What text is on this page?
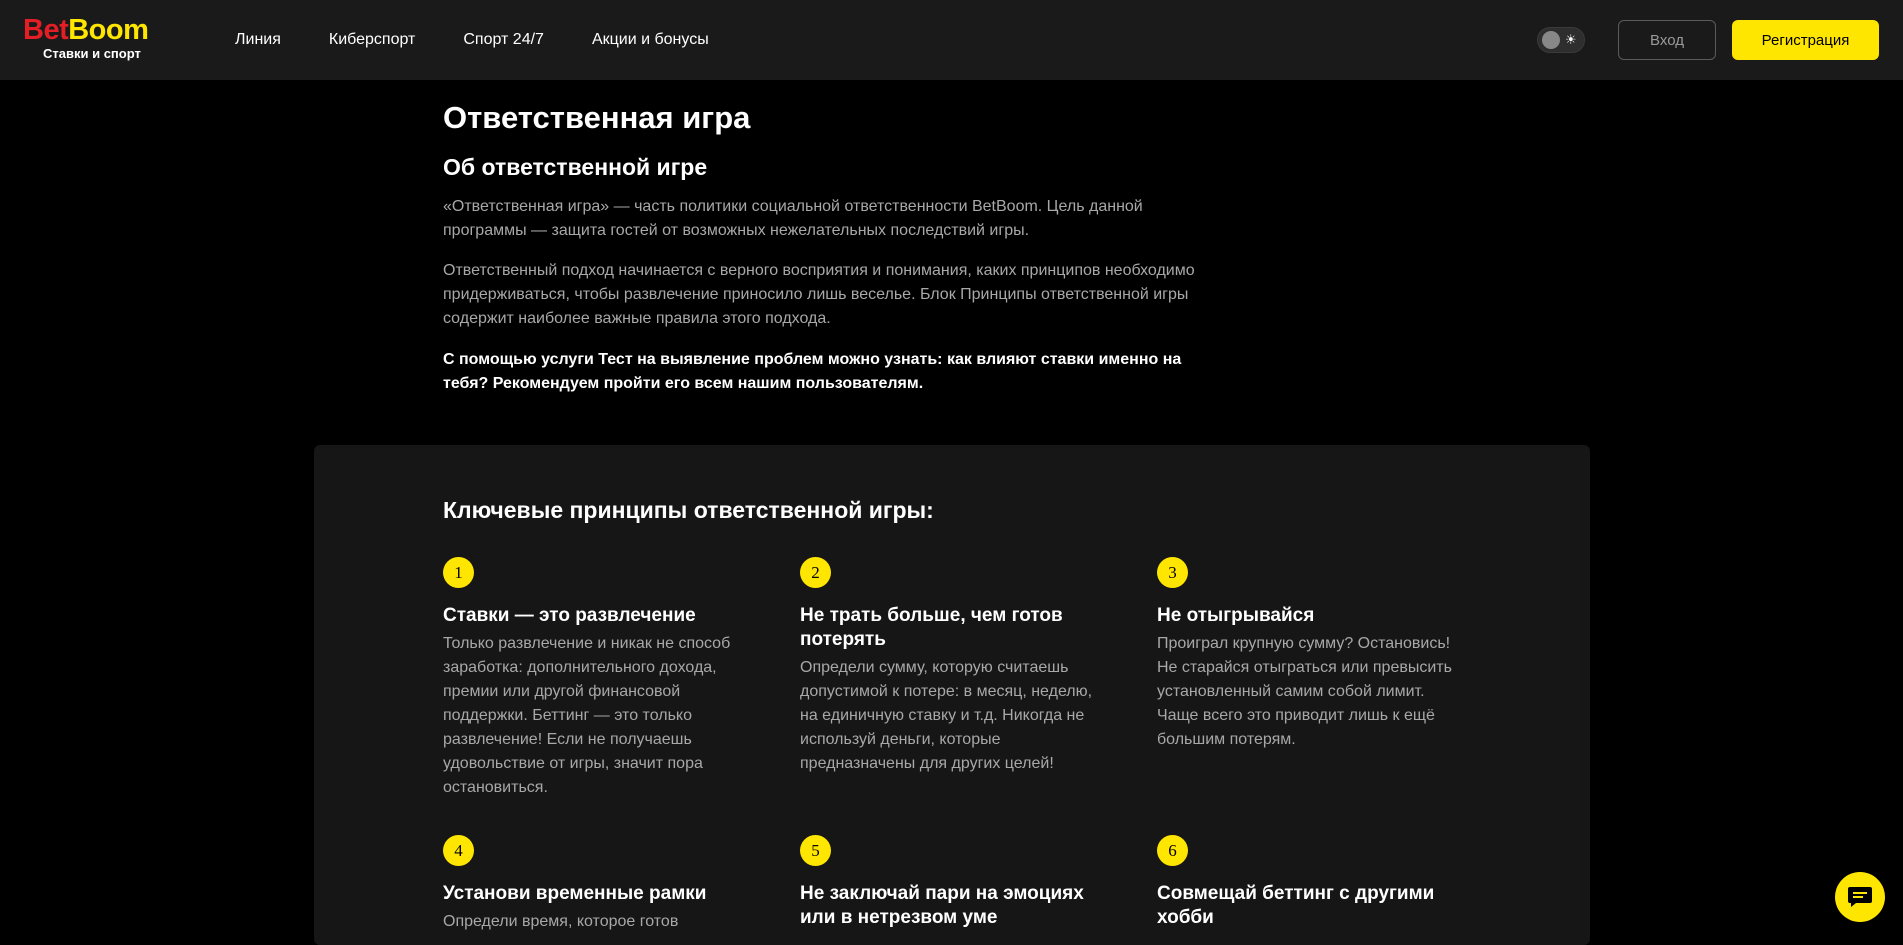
BetBoom
Ставки и спорт
Линия	Киберспорт	Спорт 24/7	Акции и бонусы	☀	Вход	Регистрация
Ответственная игра
Об ответственной игре

«Ответственная игра» — часть политики социальной ответственности BetBoom. Цель данной программы — защита гостей от возможных нежелательных последствий игры.

Ответственный подход начинается с верного восприятия и понимания, каких принципов необходимо придерживаться, чтобы развлечение приносило лишь веселье. Блок Принципы ответственной игры содержит наиболее важные правила этого подхода.

С помощью услуги Тест на выявление проблем можно узнать: как влияют ставки именно на тебя? Рекомендуем пройти его всем нашим пользователям.

Ключевые принципы ответственной игры:
1
Ставки — это развлечение
Только развлечение и никак не способ заработка: дополнительного дохода, премии или другой финансовой поддержки. Беттинг — это только развлечение! Если не получаешь удовольствие от игры, значит пора остановиться.
2
Не трать больше, чем готов потерять
Определи сумму, которую считаешь допустимой к потере: в месяц, неделю, на единичную ставку и т.д. Никогда не используй деньги, которые предназначены для других целей!
3
Не отыгрывайся
Проиграл крупную сумму? Остановись! Не старайся отыграться или превысить установленный самим собой лимит. Чаще всего это приводит лишь к ещё большим потерям.
4
Установи временные рамки
Определи время, которое готов
5
Не заключай пари на эмоциях или в нетрезвом уме
6
Совмещай беттинг с другими хобби
